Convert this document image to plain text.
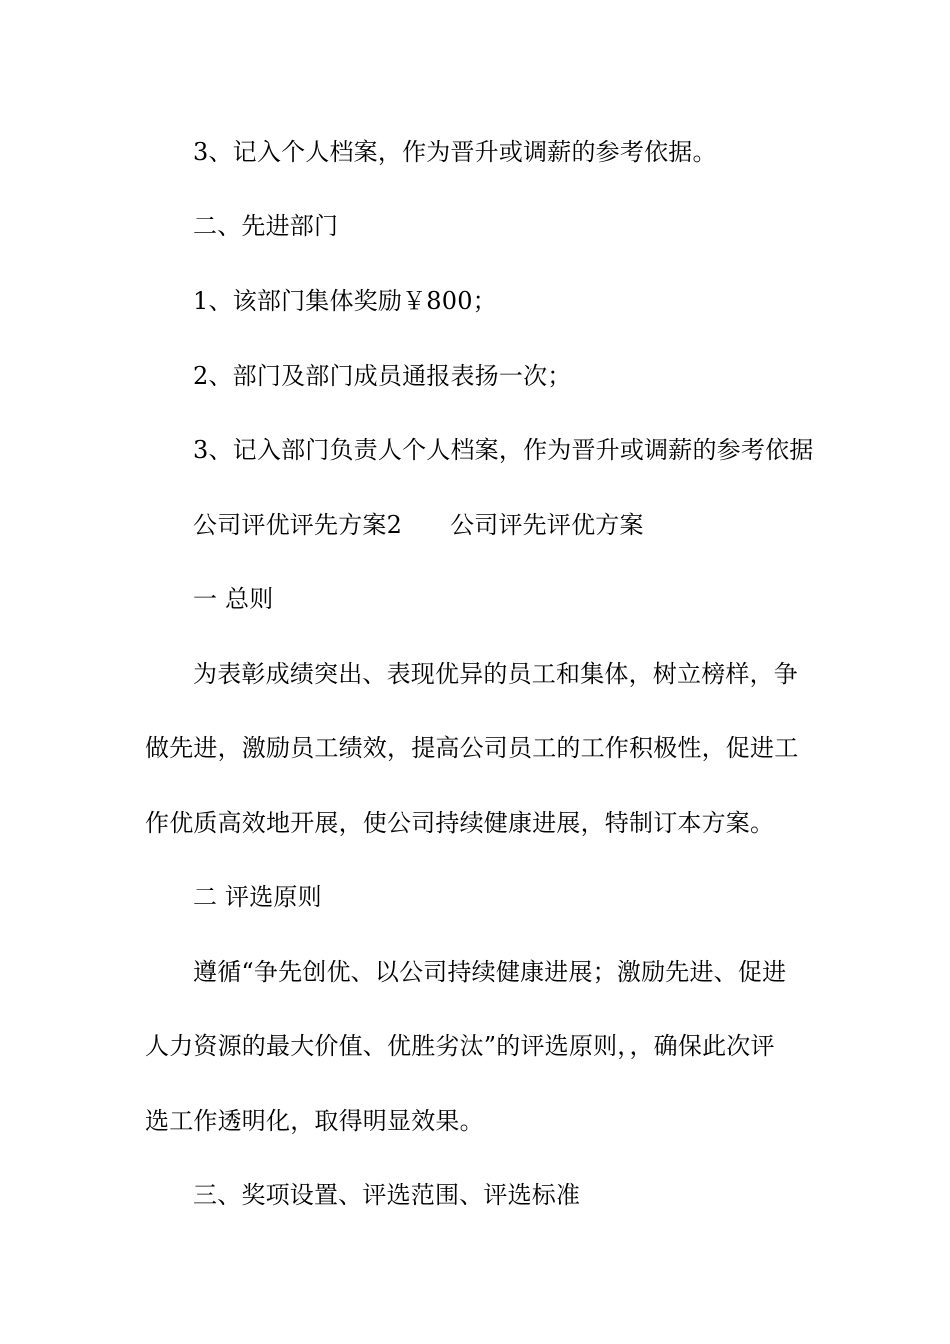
3、记入个人档案，作为晋升或调薪的参考依据。
二、先进部门
1、该部门集体奖励￥800；
2、部门及部门成员通报表扬一次；
3、记入部门负责人个人档案，作为晋升或调薪的参考依据
公司评优评先方案2 公司评先评优方案
一 总则
为表彰成绩突出、表现优异的员工和集体，树立榜样，争
做先进，激励员工绩效，提高公司员工的工作积极性，促进工
作优质高效地开展，使公司持续健康进展，特制订本方案。
二 评选原则
遵循“争先创优、以公司持续健康进展；激励先进、促进
人力资源的最大价值、优胜劣汰”的评选原则，，确保此次评
选工作透明化，取得明显效果。
三、奖项设置、评选范围、评选标准
